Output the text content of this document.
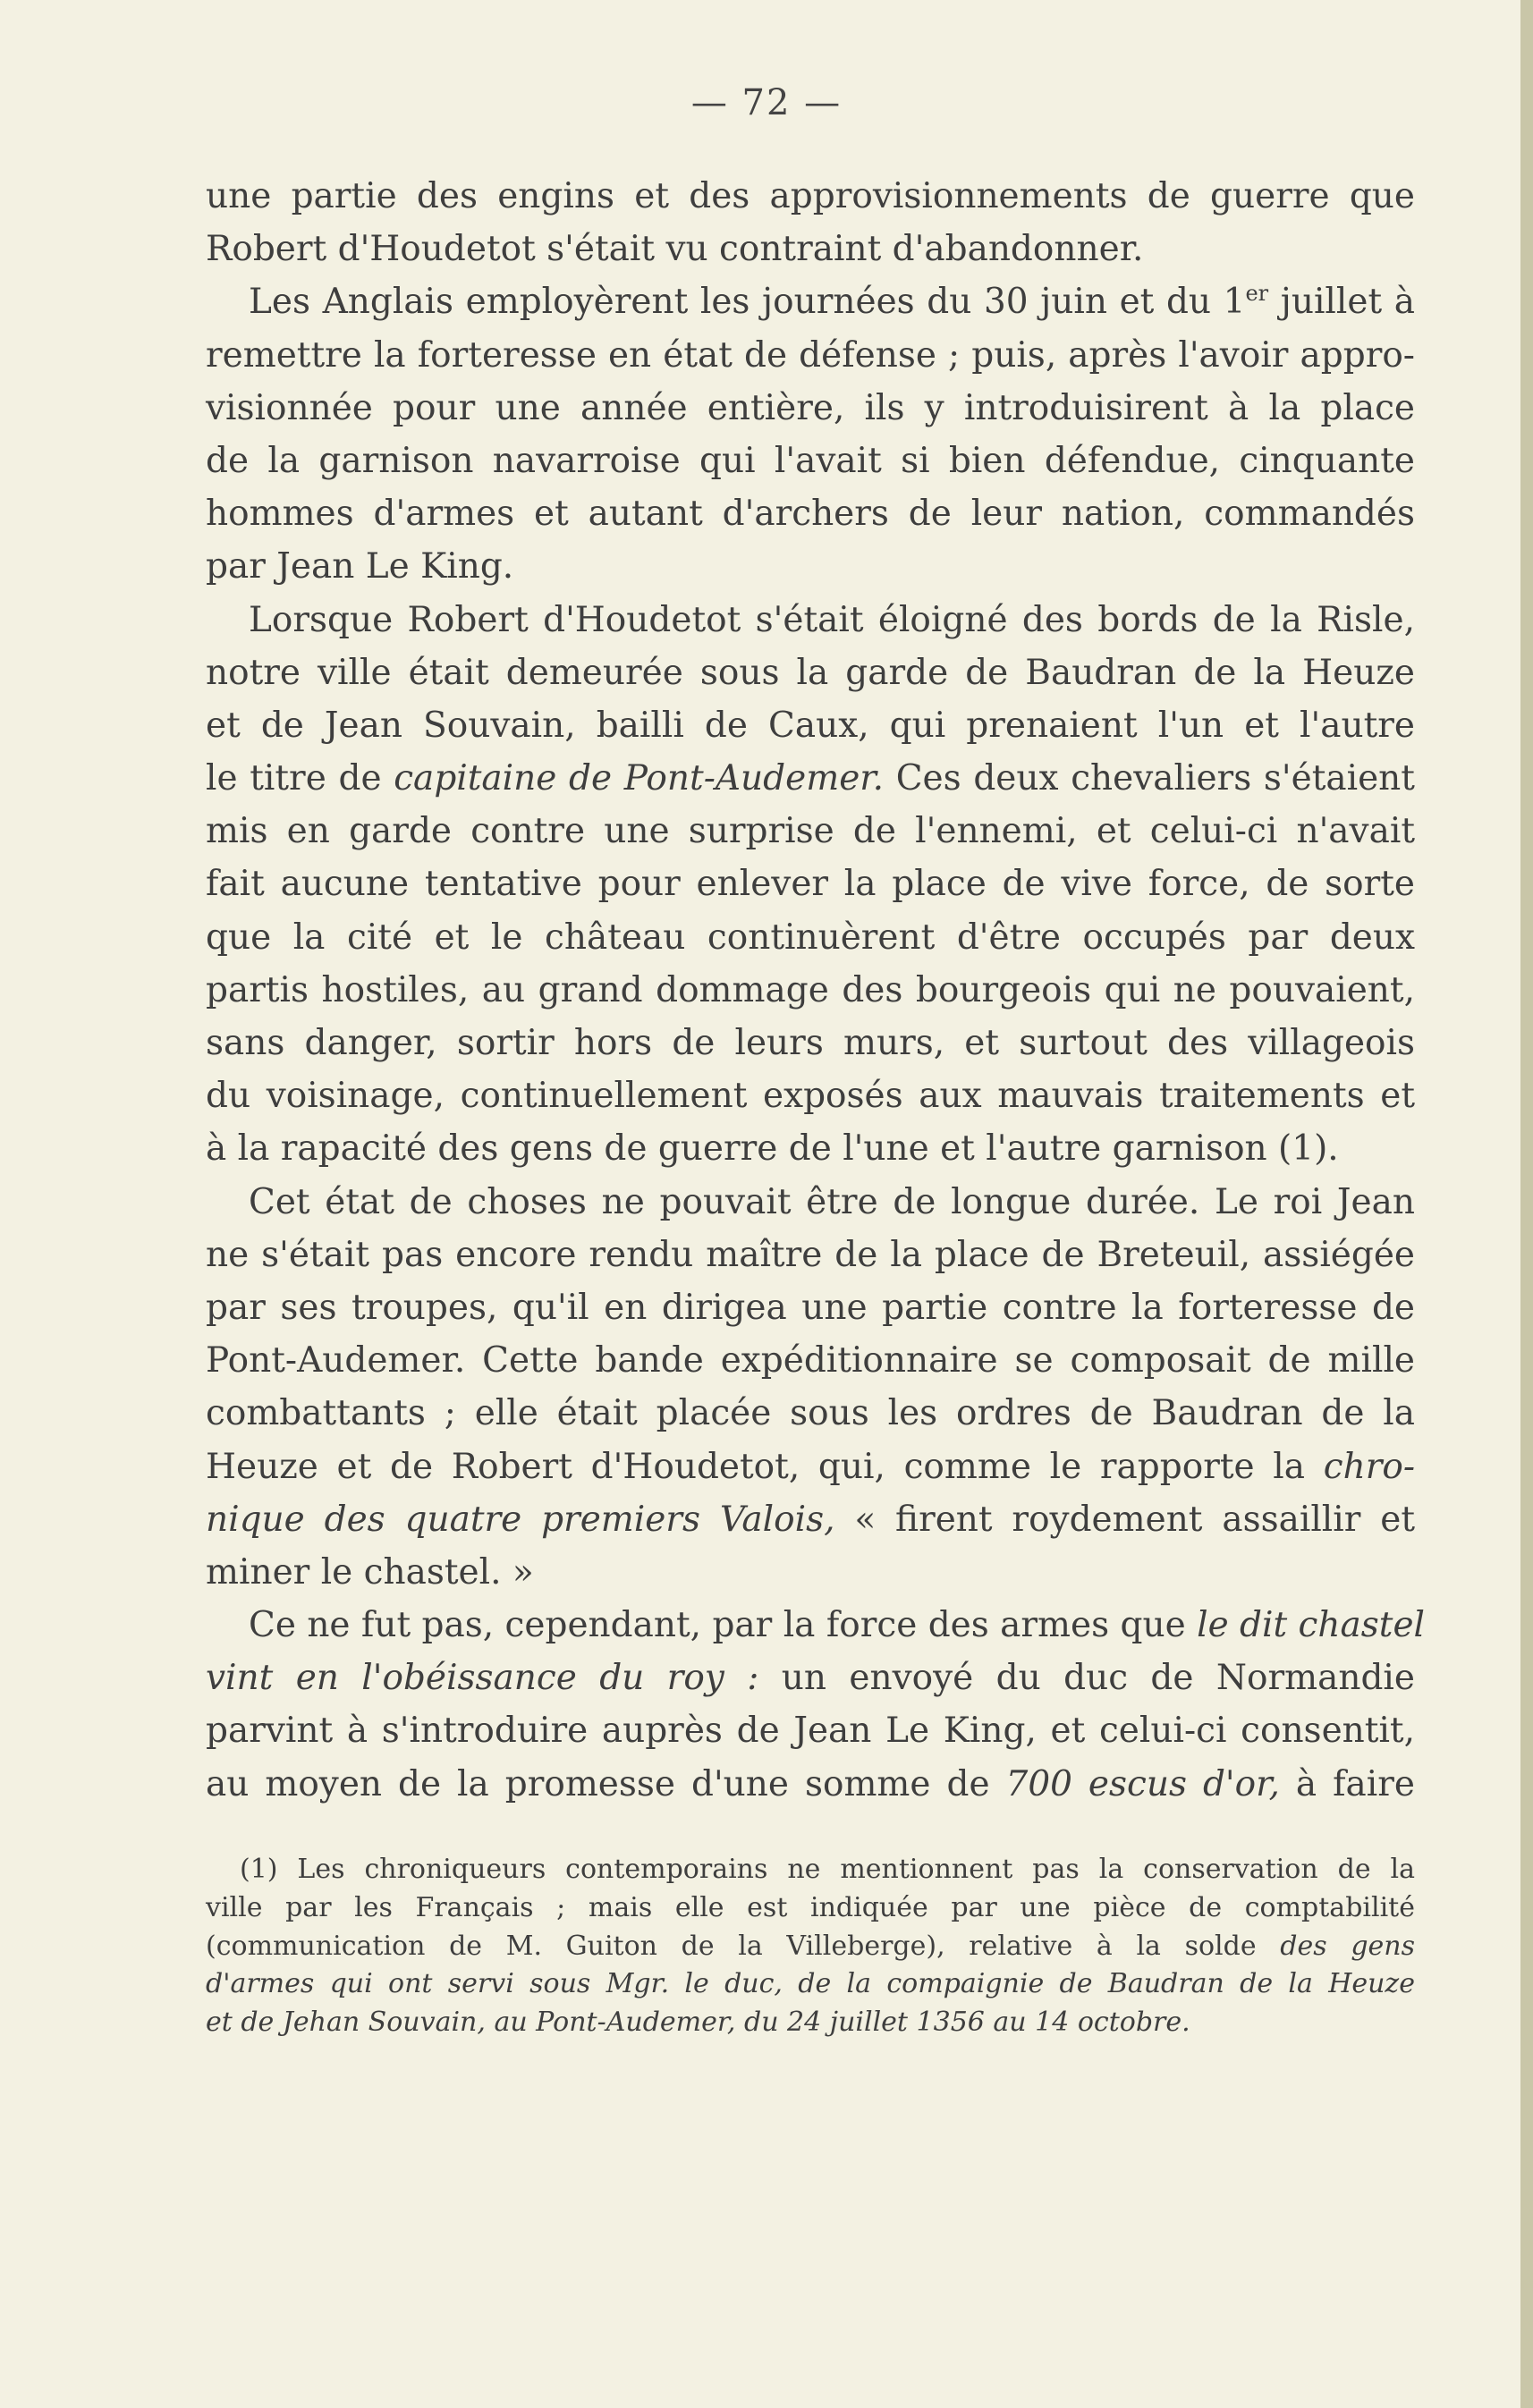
— 72 —
une partie des engins et des approvisionnements de guerre que
Robert d'Houdetot s'était vu contraint d'abandonner.
Les Anglais employèrent les journées du 30 juin et du 1er juillet à
remettre la forteresse en état de défense ; puis, après l'avoir appro-
visionnée pour une année entière, ils y introduisirent à la place
de la garnison navarroise qui l'avait si bien défendue, cinquante
hommes d'armes et autant d'archers de leur nation, commandés
par Jean Le King.
Lorsque Robert d'Houdetot s'était éloigné des bords de la Risle,
notre ville était demeurée sous la garde de Baudran de la Heuze
et de Jean Souvain, bailli de Caux, qui prenaient l'un et l'autre
le titre de capitaine de Pont-Audemer. Ces deux chevaliers s'étaient
mis en garde contre une surprise de l'ennemi, et celui-ci n'avait
fait aucune tentative pour enlever la place de vive force, de sorte
que la cité et le château continuèrent d'être occupés par deux
partis hostiles, au grand dommage des bourgeois qui ne pouvaient,
sans danger, sortir hors de leurs murs, et surtout des villageois
du voisinage, continuellement exposés aux mauvais traitements et
à la rapacité des gens de guerre de l'une et l'autre garnison (1).
Cet état de choses ne pouvait être de longue durée. Le roi Jean
ne s'était pas encore rendu maître de la place de Breteuil, assiégée
par ses troupes, qu'il en dirigea une partie contre la forteresse de
Pont-Audemer. Cette bande expéditionnaire se composait de mille
combattants ; elle était placée sous les ordres de Baudran de la
Heuze et de Robert d'Houdetot, qui, comme le rapporte la chro-
nique des quatre premiers Valois, « firent roydement assaillir et
miner le chastel. »
Ce ne fut pas, cependant, par la force des armes que le dit chastel
vint en l'obéissance du roy : un envoyé du duc de Normandie
parvint à s'introduire auprès de Jean Le King, et celui-ci consentit,
au moyen de la promesse d'une somme de 700 escus d'or, à faire
(1) Les chroniqueurs contemporains ne mentionnent pas la conservation de la
ville par les Français ; mais elle est indiquée par une pièce de comptabilité
(communication de M. Guiton de la Villeberge), relative à la solde des gens
d'armes qui ont servi sous Mgr. le duc, de la compaignie de Baudran de la Heuze
et de Jehan Souvain, au Pont-Audemer, du 24 juillet 1356 au 14 octobre.
